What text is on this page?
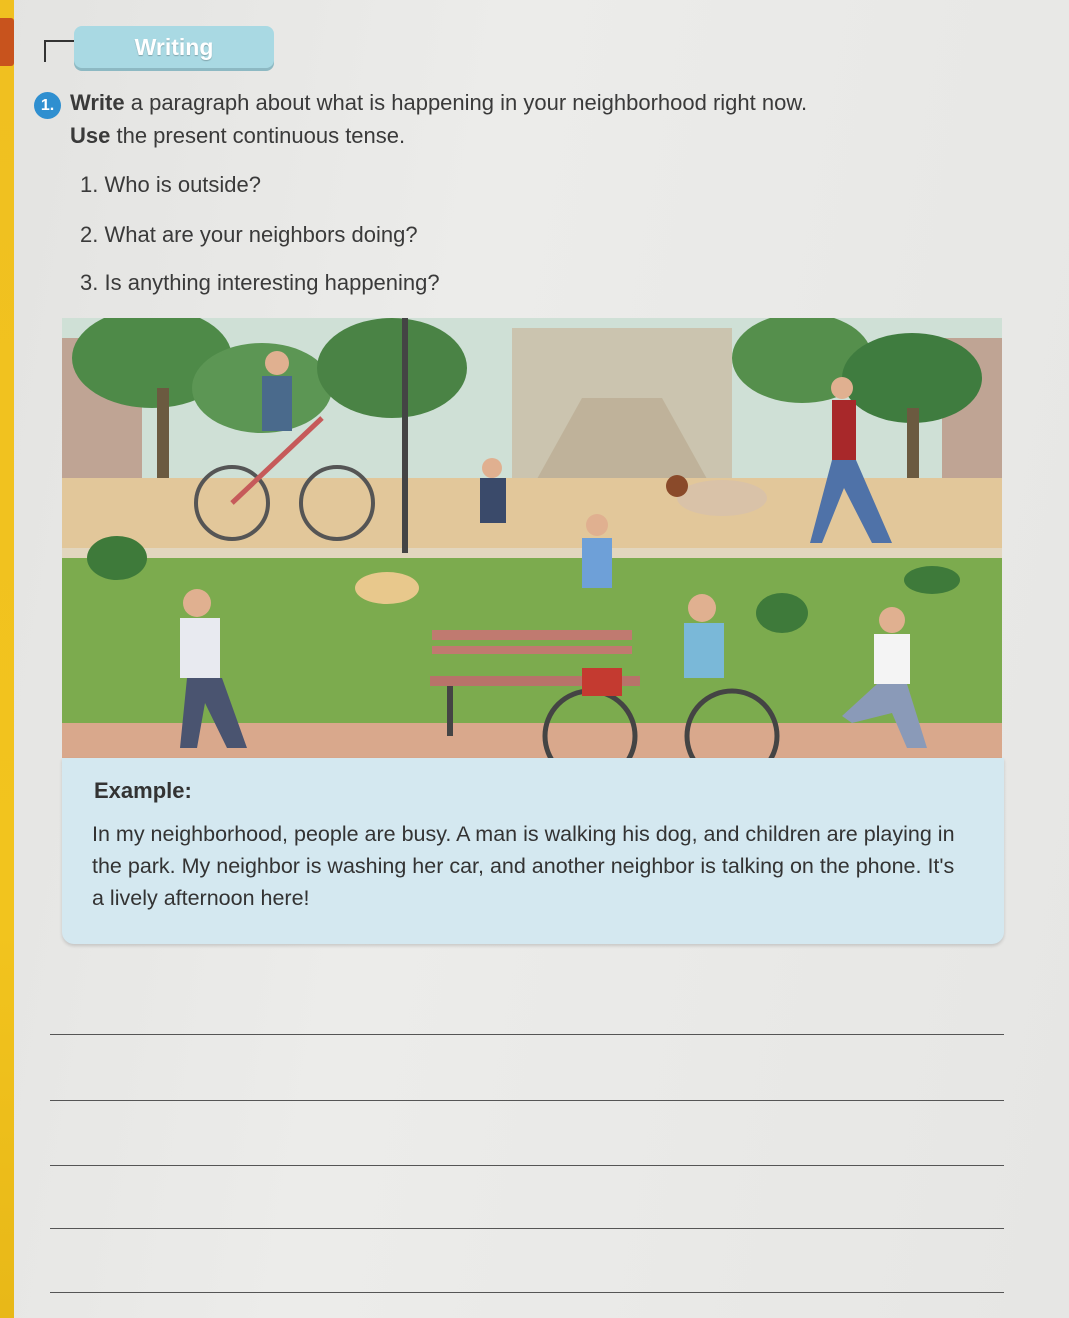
Writing
1. Write a paragraph about what is happening in your neighborhood right now.
Use the present continuous tense.
1. Who is outside?
2. What are your neighbors doing?
3. Is anything interesting happening?
Example:
In my neighborhood, people are busy. A man is walking his dog, and children are playing in the park. My neighbor is washing her car, and another neighbor is talking on the phone. It's a lively afternoon here!
